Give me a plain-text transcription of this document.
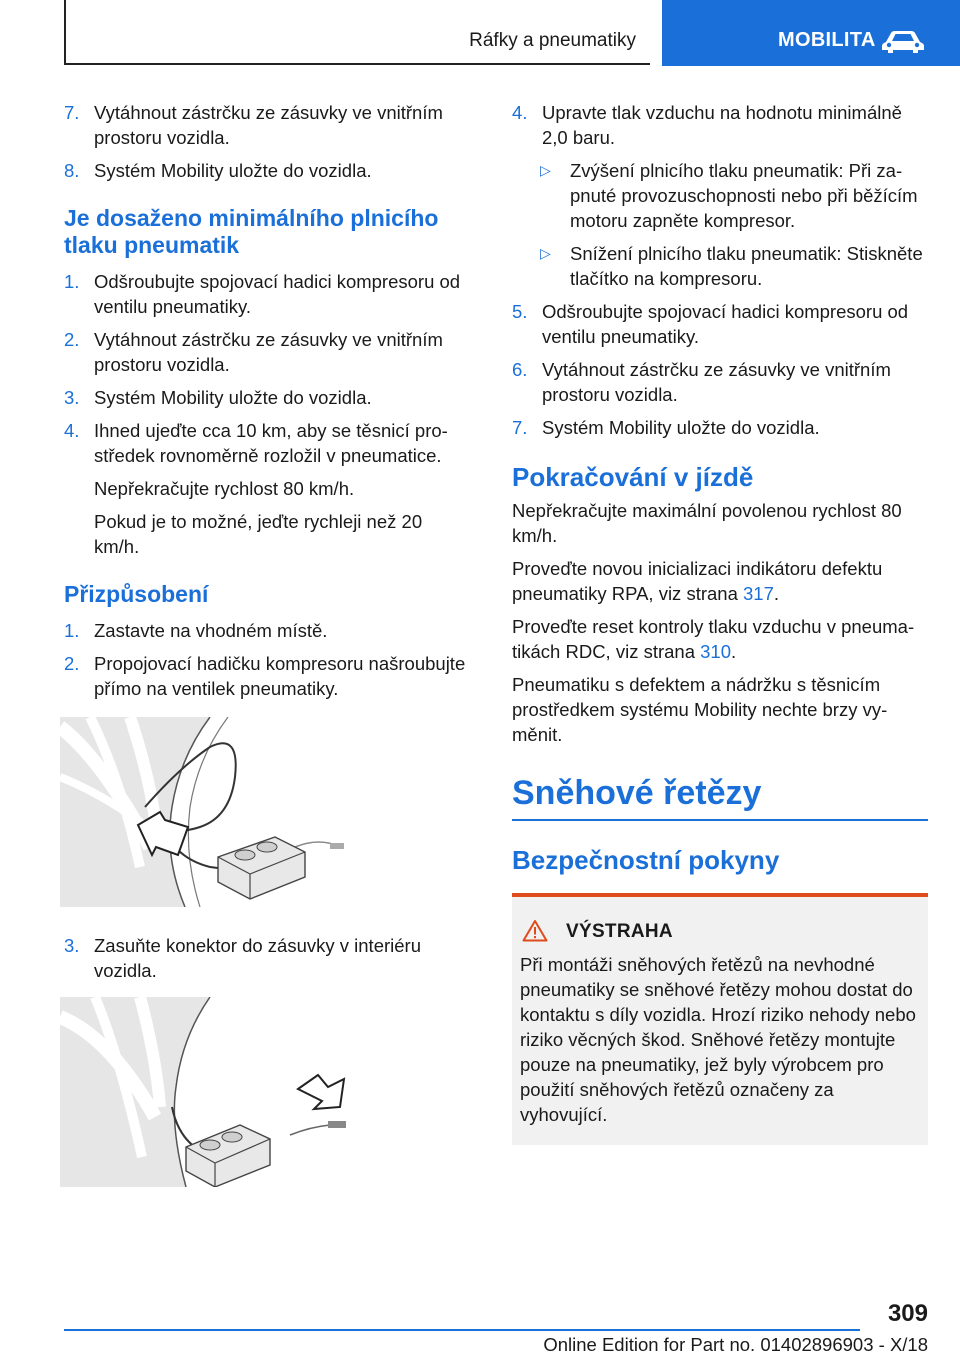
Ráfky a pneumatiky	MOBILITA
7. Vytáhnout zástrčku ze zásuvky ve vnitřním prostoru vozidla.
8. Systém Mobility uložte do vozidla.
Je dosaženo minimálního plnicího tlaku pneumatik
1. Odšroubujte spojovací hadici kompresoru od ventilu pneumatiky.
2. Vytáhnout zástrčku ze zásuvky ve vnitřním prostoru vozidla.
3. Systém Mobility uložte do vozidla.
4. Ihned ujeďte cca 10 km, aby se těsnicí prostředek rovnoměrně rozložil v pneumatice.
Nepřekračujte rychlost 80 km/h.
Pokud je to možné, jeďte rychleji než 20 km/h.
Přizpůsobení
1. Zastavte na vhodném místě.
2. Propojovací hadičku kompresoru našroubujte přímo na ventilek pneumatiky.
3. Zasuňte konektor do zásuvky v interiéru vozidla.
4. Upravte tlak vzduchu na hodnotu minimálně 2,0 baru.
▷ Zvýšení plnicího tlaku pneumatik: Při zapnuté provozuschopnosti nebo při běžícím motoru zapněte kompresor.
▷ Snížení plnicího tlaku pneumatik: Stiskněte tlačítko na kompresoru.
5. Odšroubujte spojovací hadici kompresoru od ventilu pneumatiky.
6. Vytáhnout zástrčku ze zásuvky ve vnitřním prostoru vozidla.
7. Systém Mobility uložte do vozidla.
Pokračování v jízdě
Nepřekračujte maximální povolenou rychlost 80 km/h.
Proveďte novou inicializaci indikátoru defektu pneumatiky RPA, viz strana 317.
Proveďte reset kontroly tlaku vzduchu v pneumatikách RDC, viz strana 310.
Pneumatiku s defektem a nádržku s těsnicím prostředkem systému Mobility nechte brzy vyměnit.
Sněhové řetězy
Bezpečnostní pokyny
VÝSTRAHA
Při montáži sněhových řetězů na nevhodné pneumatiky se sněhové řetězy mohou dostat do kontaktu s díly vozidla. Hrozí riziko nehody nebo riziko věcných škod. Sněhové řetězy montujte pouze na pneumatiky, jež byly výrobcem pro použití sněhových řetězů označeny za vyhovující.
309
Online Edition for Part no. 01402896903 - X/18
